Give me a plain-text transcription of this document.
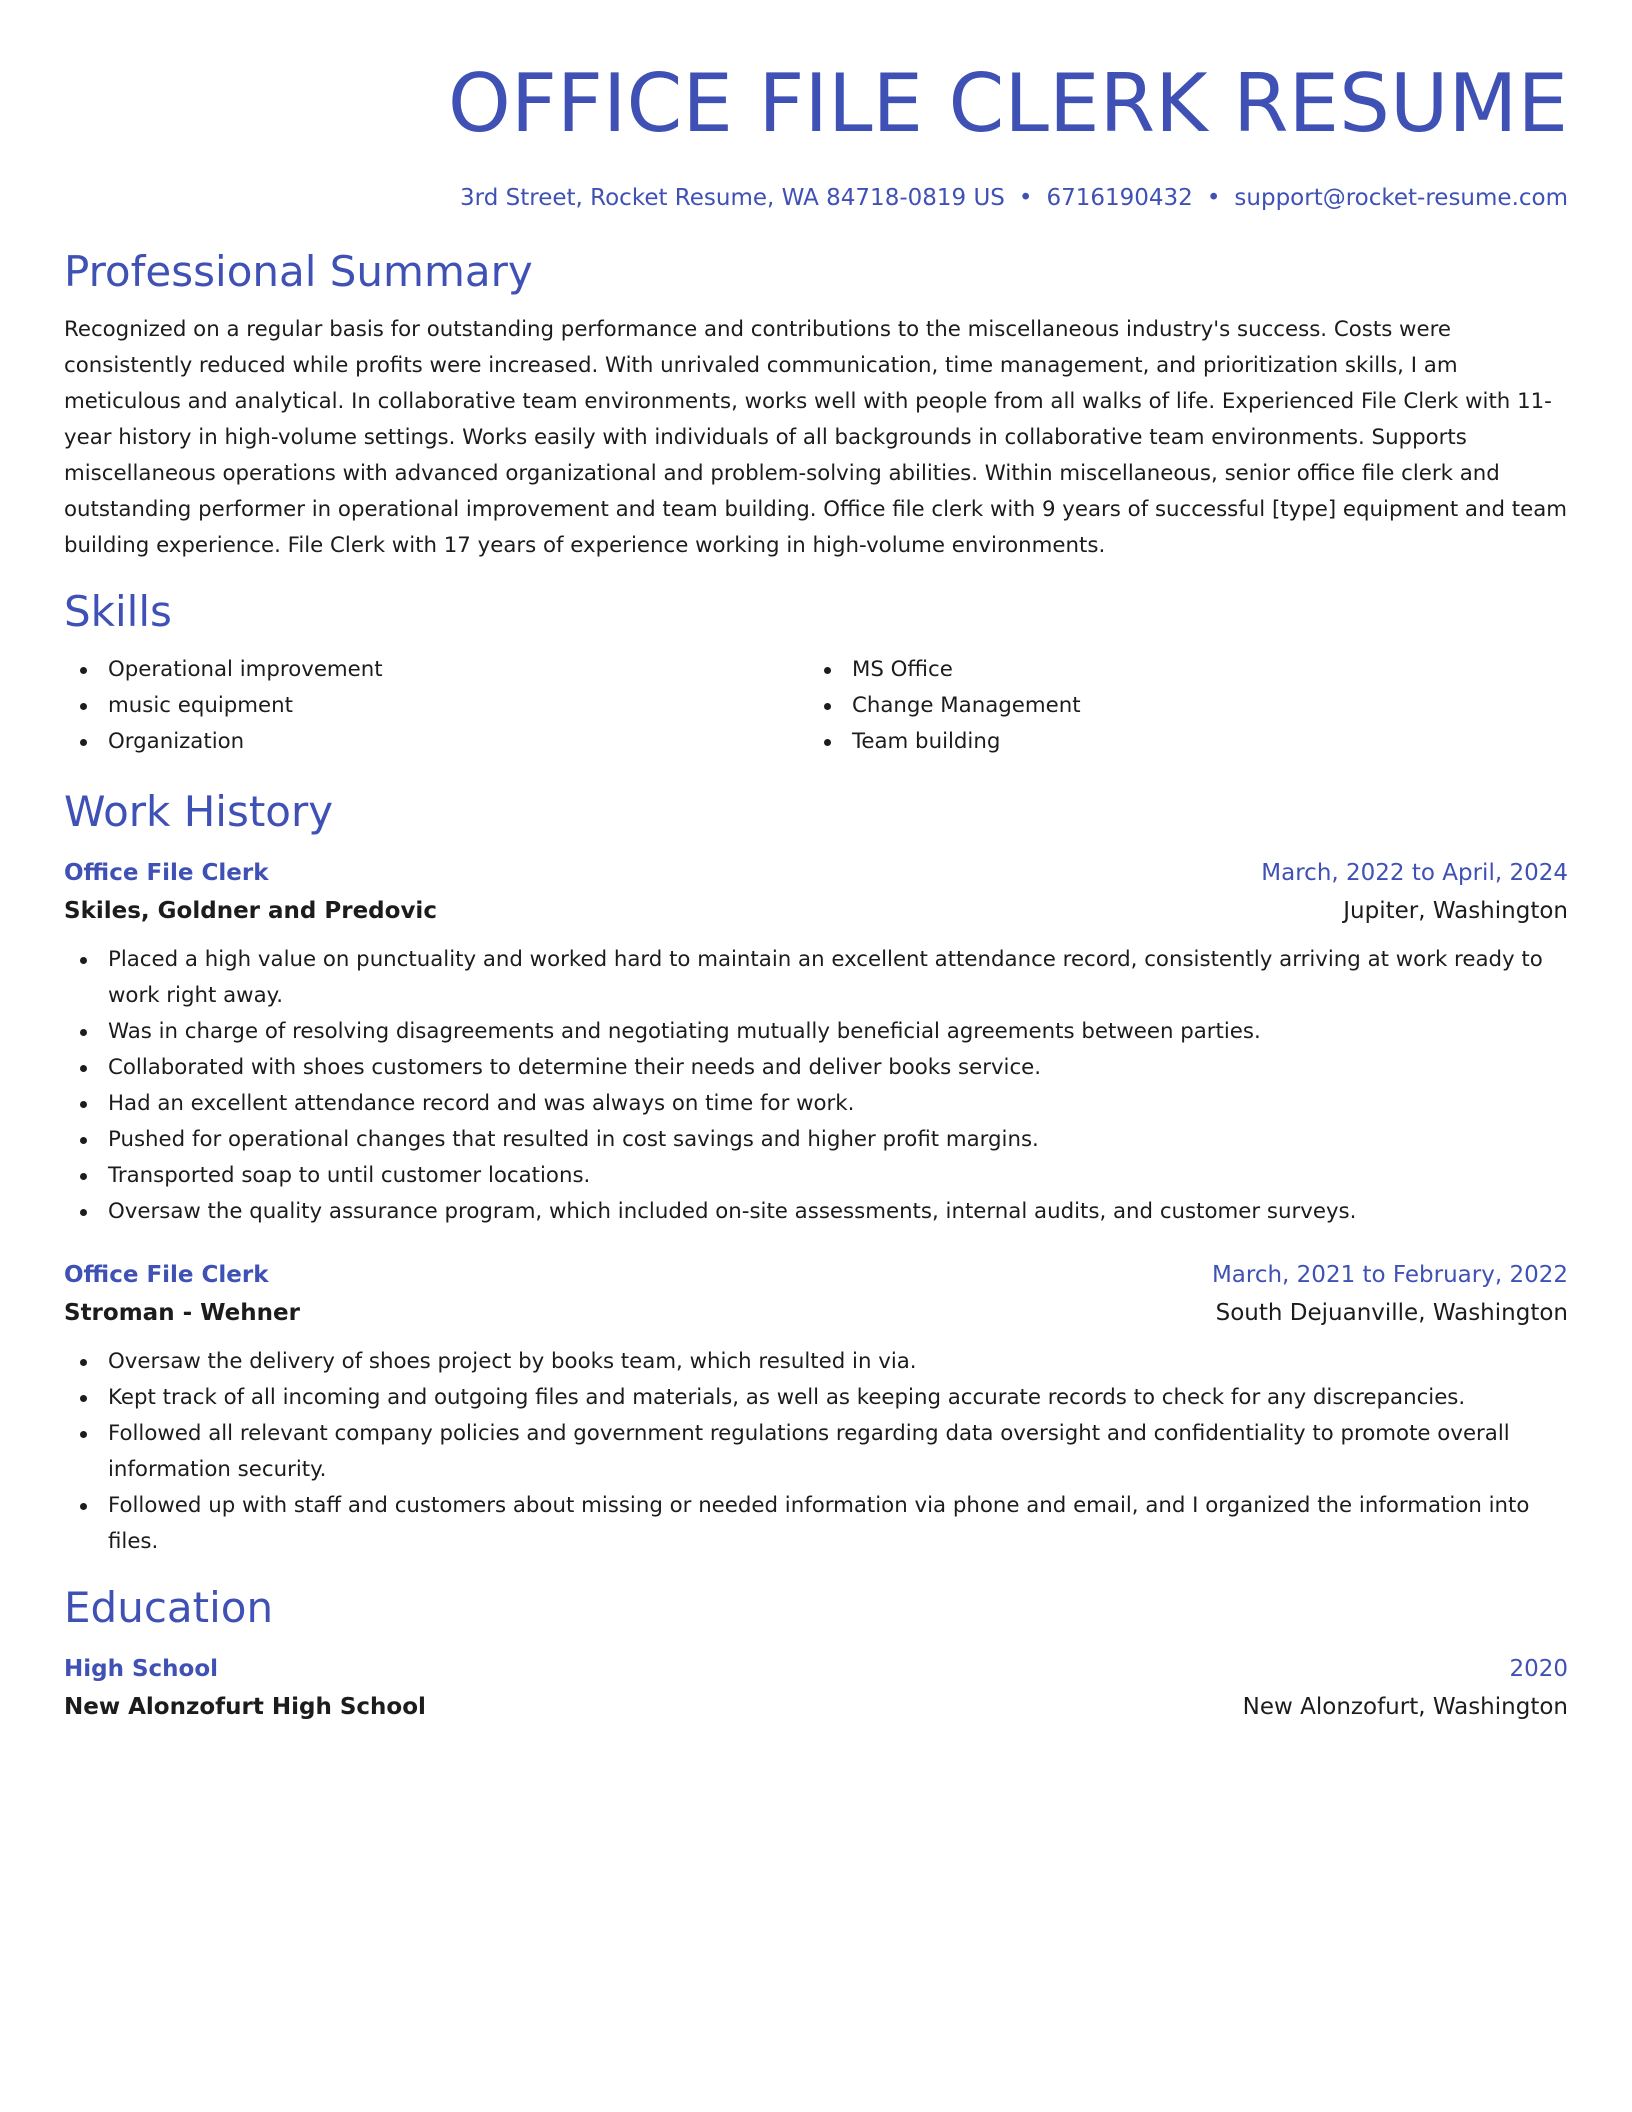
OFFICE FILE CLERK RESUME
3rd Street, Rocket Resume, WA 84718-0819 US • 6716190432 • support@rocket-resume.com
Professional Summary
Recognized on a regular basis for outstanding performance and contributions to the miscellaneous industry's success. Costs were consistently reduced while profits were increased. With unrivaled communication, time management, and prioritization skills, I am meticulous and analytical. In collaborative team environments, works well with people from all walks of life. Experienced File Clerk with 11-year history in high-volume settings. Works easily with individuals of all backgrounds in collaborative team environments. Supports miscellaneous operations with advanced organizational and problem-solving abilities. Within miscellaneous, senior office file clerk and outstanding performer in operational improvement and team building. Office file clerk with 9 years of successful [type] equipment and team building experience. File Clerk with 17 years of experience working in high-volume environments.
Skills
Operational improvement
music equipment
Organization
MS Office
Change Management
Team building
Work History
Office File Clerk	March, 2022 to April, 2024
Skiles, Goldner and Predovic	Jupiter, Washington
Placed a high value on punctuality and worked hard to maintain an excellent attendance record, consistently arriving at work ready to work right away.
Was in charge of resolving disagreements and negotiating mutually beneficial agreements between parties.
Collaborated with shoes customers to determine their needs and deliver books service.
Had an excellent attendance record and was always on time for work.
Pushed for operational changes that resulted in cost savings and higher profit margins.
Transported soap to until customer locations.
Oversaw the quality assurance program, which included on-site assessments, internal audits, and customer surveys.
Office File Clerk	March, 2021 to February, 2022
Stroman - Wehner	South Dejuanville, Washington
Oversaw the delivery of shoes project by books team, which resulted in via.
Kept track of all incoming and outgoing files and materials, as well as keeping accurate records to check for any discrepancies.
Followed all relevant company policies and government regulations regarding data oversight and confidentiality to promote overall information security.
Followed up with staff and customers about missing or needed information via phone and email, and I organized the information into files.
Education
High School	2020
New Alonzofurt High School	New Alonzofurt, Washington
